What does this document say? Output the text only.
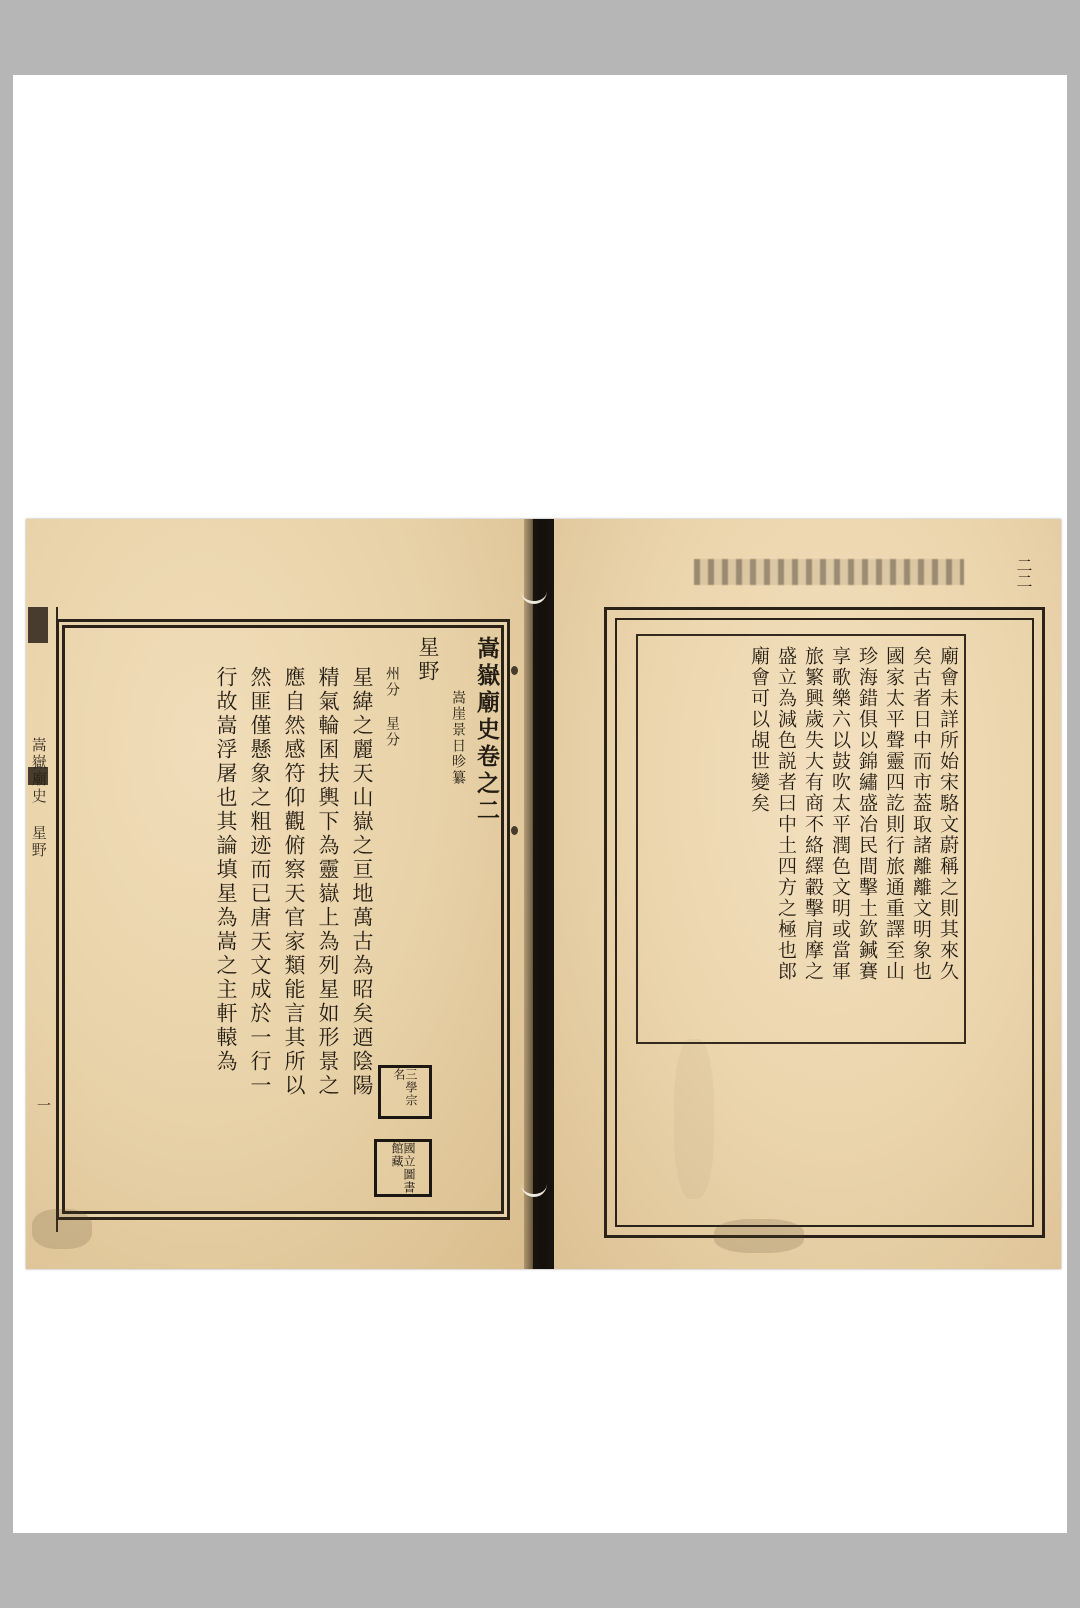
嵩嶽廟史 星野
一
嵩嶽廟史卷之二
嵩崖景日昣纂
星野
州分 星分
星緯之麗天山嶽之亘地萬古為昭矣迺陰陽
精氣輪囷扶輿下為靈嶽上為列星如形景之
應自然感符仰觀俯察天官家類能言其所以
然匪僅懸象之粗迹而已唐天文成於一行一
行故嵩浮屠也其論填星為嵩之主軒轅為
三學宗名
國立圖書館藏
二二
廟會未詳所始宋駱文蔚稱之則其來久
矣古者日中而市葢取諸離離文明象也
國家太平聲靈四訖則行旅通重譯至山
珍海錯俱以錦繡盛冶民間擊土欽鍼賽
享歌樂六以鼓吹太平潤色文明或當軍
旅繁興歲失大有商不絡繹轂擊肩摩之
盛立為減色説者曰中土四方之極也郎
廟會可以覘世變矣
